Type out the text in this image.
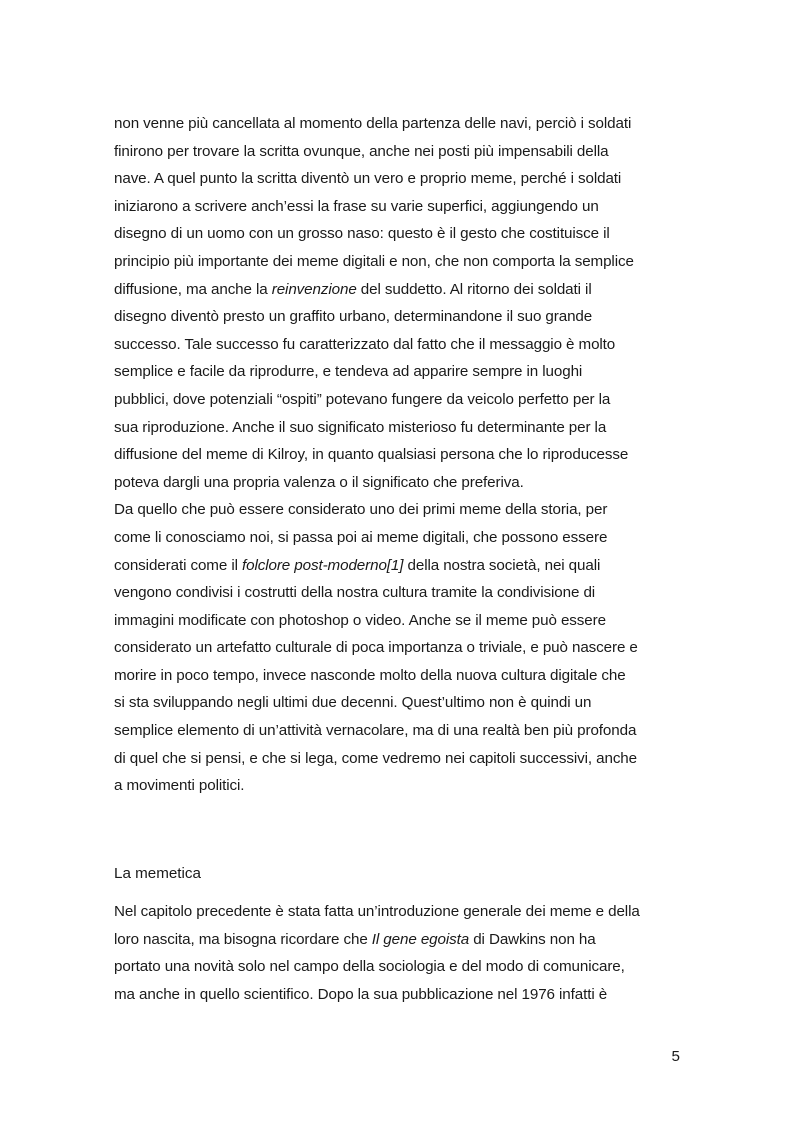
non venne più cancellata al momento della partenza delle navi, perciò i soldati
finirono per trovare la scritta ovunque, anche nei posti più impensabili della
nave. A quel punto la scritta diventò un vero e proprio meme, perché i soldati
iniziarono a scrivere anch’essi la frase su varie superfici, aggiungendo un
disegno di un uomo con un grosso naso: questo è il gesto che costituisce il
principio più importante dei meme digitali e non, che non comporta la semplice
diffusione, ma anche la reinvenzione del suddetto. Al ritorno dei soldati il
disegno diventò presto un graffito urbano, determinandone il suo grande
successo. Tale successo fu caratterizzato dal fatto che il messaggio è molto
semplice e facile da riprodurre, e tendeva ad apparire sempre in luoghi
pubblici, dove potenziali “ospiti” potevano fungere da veicolo perfetto per la
sua riproduzione. Anche il suo significato misterioso fu determinante per la
diffusione del meme di Kilroy, in quanto qualsiasi persona che lo riproducesse
poteva dargli una propria valenza o il significato che preferiva.
Da quello che può essere considerato uno dei primi meme della storia, per
come li conosciamo noi, si passa poi ai meme digitali, che possono essere
considerati come il folclore post-moderno[1] della nostra società, nei quali
vengono condivisi i costrutti della nostra cultura tramite la condivisione di
immagini modificate con photoshop o video. Anche se il meme può essere
considerato un artefatto culturale di poca importanza o triviale, e può nascere e
morire in poco tempo, invece nasconde molto della nuova cultura digitale che
si sta sviluppando negli ultimi due decenni. Quest’ultimo non è quindi un
semplice elemento di un’attività vernacolare, ma di una realtà ben più profonda
di quel che si pensi, e che si lega, come vedremo nei capitoli successivi, anche
a movimenti politici.
La memetica
Nel capitolo precedente è stata fatta un’introduzione generale dei meme e della
loro nascita, ma bisogna ricordare che Il gene egoista di Dawkins non ha
portato una novità solo nel campo della sociologia e del modo di comunicare,
ma anche in quello scientifico. Dopo la sua pubblicazione nel 1976 infatti è
5
